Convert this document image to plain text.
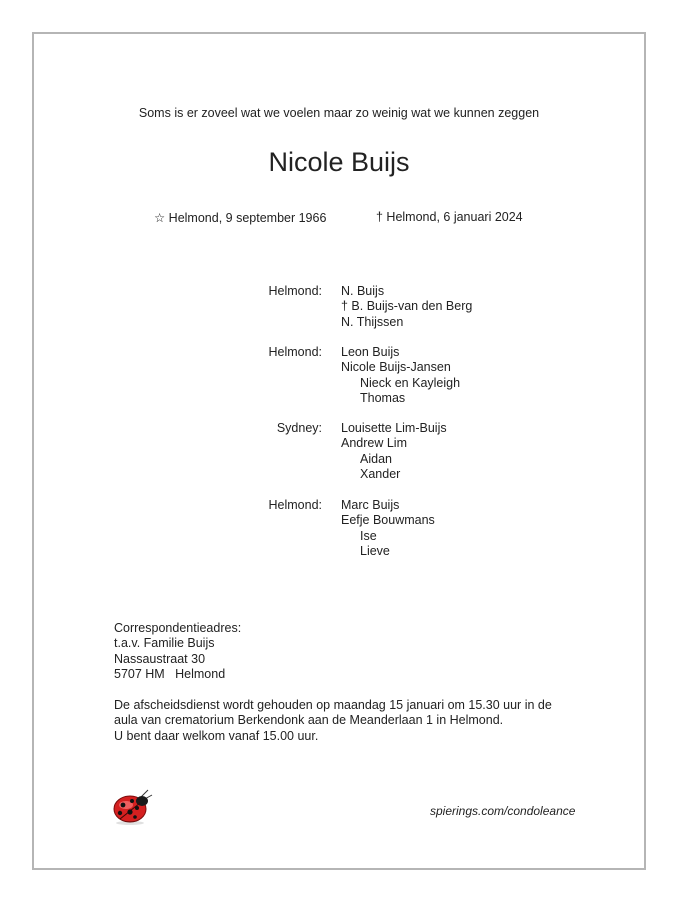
Soms is er zoveel wat we voelen maar zo weinig wat we kunnen zeggen
Nicole Buijs
☆ Helmond, 9 september 1966	† Helmond, 6 januari 2024
Helmond: N. Buijs
† B. Buijs-van den Berg
N. Thijssen
Helmond: Leon Buijs
Nicole Buijs-Jansen
Nieck en Kayleigh
Thomas
Sydney: Louisette Lim-Buijs
Andrew Lim
Aidan
Xander
Helmond: Marc Buijs
Eefje Bouwmans
Ise
Lieve
Correspondentieadres:
t.a.v. Familie Buijs
Nassaustraat 30
5707 HM   Helmond
De afscheidsdienst wordt gehouden op maandag 15 januari om 15.30 uur in de
aula van crematorium Berkendonk aan de Meanderlaan 1 in Helmond.
U bent daar welkom vanaf 15.00 uur.
spierings.com/condoleance
